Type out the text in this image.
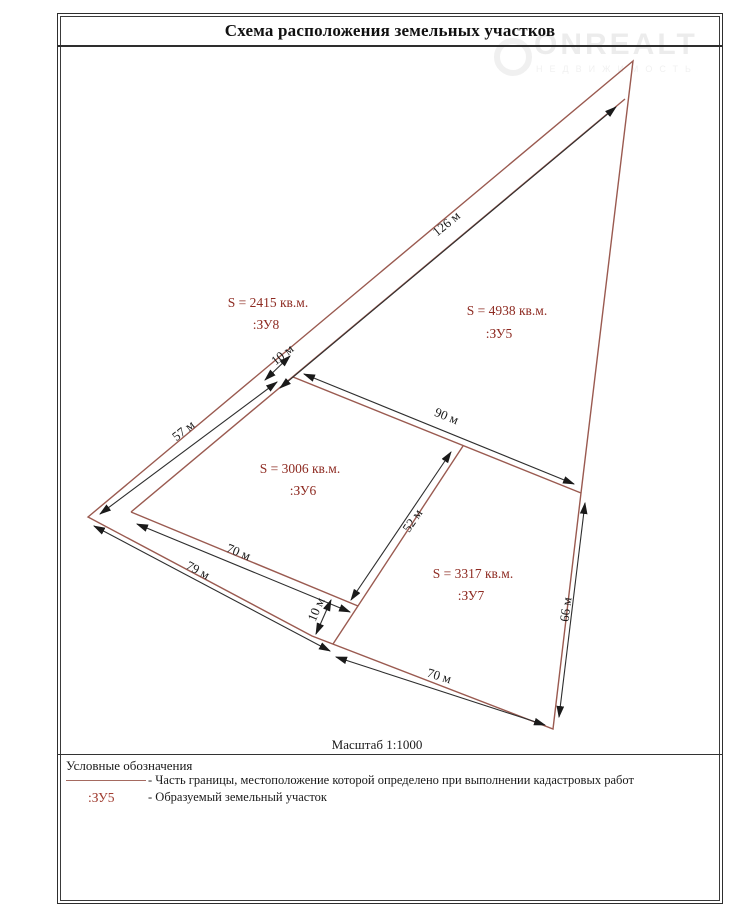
ONREALT
НЕДВИЖИМОСТЬ
Схема расположения земельных участков
126 м
57 м
10 м
90 м
70 м
79 м
52 м
10 м
70 м
66 м
S = 2415 кв.м.
:ЗУ8
S = 4938 кв.м.
:ЗУ5
S = 3006 кв.м.
:ЗУ6
S = 3317 кв.м.
:ЗУ7
Масштаб 1:1000
Условные обозначения
- Часть границы, местоположение которой определено при выполнении кадастровых работ
:ЗУ5	- Образуемый земельный участок
